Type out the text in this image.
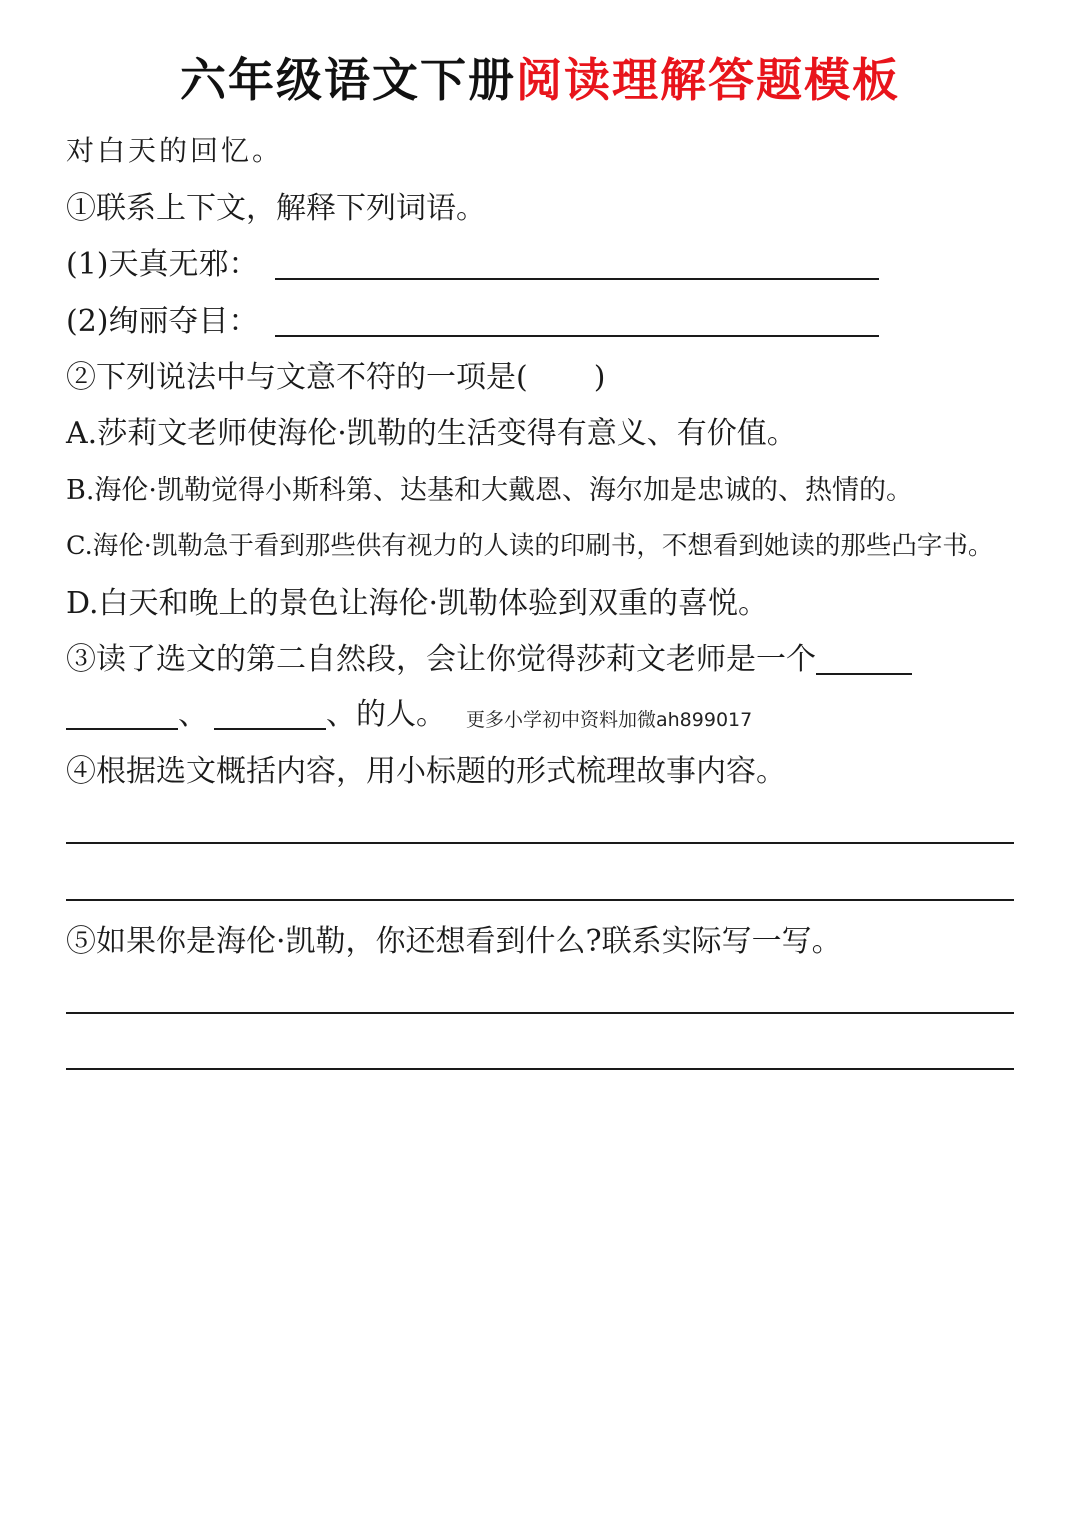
六年级语文下册阅读理解答题模板
对白天的回忆。
①联系上下文，解释下列词语。
(1)天真无邪：
(2)绚丽夺目：
②下列说法中与文意不符的一项是( )
A.莎莉文老师使海伦·凯勒的生活变得有意义、有价值。
B.海伦·凯勒觉得小斯科第、达基和大戴恩、海尔加是忠诚的、热情的。
C.海伦·凯勒急于看到那些供有视力的人读的印刷书，不想看到她读的那些凸字书。
D.白天和晚上的景色让海伦·凯勒体验到双重的喜悦。
③读了选文的第二自然段，会让你觉得莎莉文老师是一个
、	、的人。 更多小学初中资料加微ah899017
④根据选文概括内容，用小标题的形式梳理故事内容。
⑤如果你是海伦·凯勒，你还想看到什么?联系实际写一写。
